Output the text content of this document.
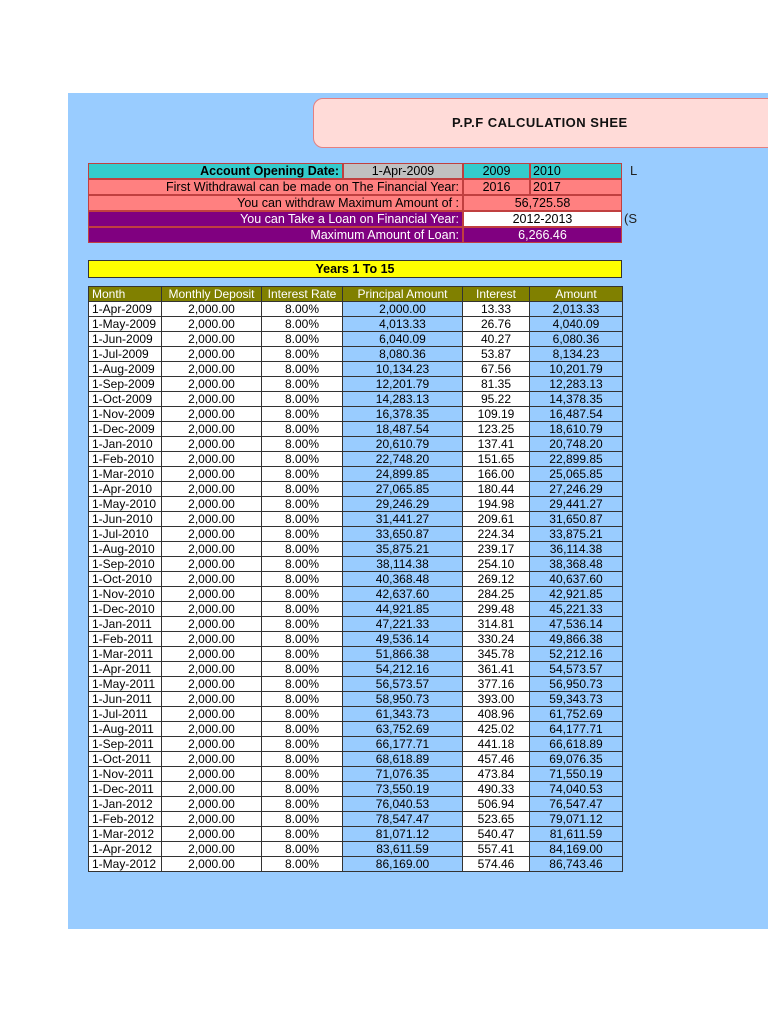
P.P.F CALCULATION SHEE
Account Opening Date:	1-Apr-2009	2009	2010
First Withdrawal can be made on The Financial Year:	2016	2017
You can withdraw Maximum Amount of :	56,725.58
You can Take a Loan on Financial Year:	2012-2013
Maximum Amount of Loan:	6,266.46
L
(S
Years 1 To 15
Month	Monthly Deposit	Interest Rate	Principal Amount	Interest	Amount
1-Apr-2009	2,000.00	8.00%	2,000.00	13.33	2,013.33
1-May-2009	2,000.00	8.00%	4,013.33	26.76	4,040.09
1-Jun-2009	2,000.00	8.00%	6,040.09	40.27	6,080.36
1-Jul-2009	2,000.00	8.00%	8,080.36	53.87	8,134.23
1-Aug-2009	2,000.00	8.00%	10,134.23	67.56	10,201.79
1-Sep-2009	2,000.00	8.00%	12,201.79	81.35	12,283.13
1-Oct-2009	2,000.00	8.00%	14,283.13	95.22	14,378.35
1-Nov-2009	2,000.00	8.00%	16,378.35	109.19	16,487.54
1-Dec-2009	2,000.00	8.00%	18,487.54	123.25	18,610.79
1-Jan-2010	2,000.00	8.00%	20,610.79	137.41	20,748.20
1-Feb-2010	2,000.00	8.00%	22,748.20	151.65	22,899.85
1-Mar-2010	2,000.00	8.00%	24,899.85	166.00	25,065.85
1-Apr-2010	2,000.00	8.00%	27,065.85	180.44	27,246.29
1-May-2010	2,000.00	8.00%	29,246.29	194.98	29,441.27
1-Jun-2010	2,000.00	8.00%	31,441.27	209.61	31,650.87
1-Jul-2010	2,000.00	8.00%	33,650.87	224.34	33,875.21
1-Aug-2010	2,000.00	8.00%	35,875.21	239.17	36,114.38
1-Sep-2010	2,000.00	8.00%	38,114.38	254.10	38,368.48
1-Oct-2010	2,000.00	8.00%	40,368.48	269.12	40,637.60
1-Nov-2010	2,000.00	8.00%	42,637.60	284.25	42,921.85
1-Dec-2010	2,000.00	8.00%	44,921.85	299.48	45,221.33
1-Jan-2011	2,000.00	8.00%	47,221.33	314.81	47,536.14
1-Feb-2011	2,000.00	8.00%	49,536.14	330.24	49,866.38
1-Mar-2011	2,000.00	8.00%	51,866.38	345.78	52,212.16
1-Apr-2011	2,000.00	8.00%	54,212.16	361.41	54,573.57
1-May-2011	2,000.00	8.00%	56,573.57	377.16	56,950.73
1-Jun-2011	2,000.00	8.00%	58,950.73	393.00	59,343.73
1-Jul-2011	2,000.00	8.00%	61,343.73	408.96	61,752.69
1-Aug-2011	2,000.00	8.00%	63,752.69	425.02	64,177.71
1-Sep-2011	2,000.00	8.00%	66,177.71	441.18	66,618.89
1-Oct-2011	2,000.00	8.00%	68,618.89	457.46	69,076.35
1-Nov-2011	2,000.00	8.00%	71,076.35	473.84	71,550.19
1-Dec-2011	2,000.00	8.00%	73,550.19	490.33	74,040.53
1-Jan-2012	2,000.00	8.00%	76,040.53	506.94	76,547.47
1-Feb-2012	2,000.00	8.00%	78,547.47	523.65	79,071.12
1-Mar-2012	2,000.00	8.00%	81,071.12	540.47	81,611.59
1-Apr-2012	2,000.00	8.00%	83,611.59	557.41	84,169.00
1-May-2012	2,000.00	8.00%	86,169.00	574.46	86,743.46
